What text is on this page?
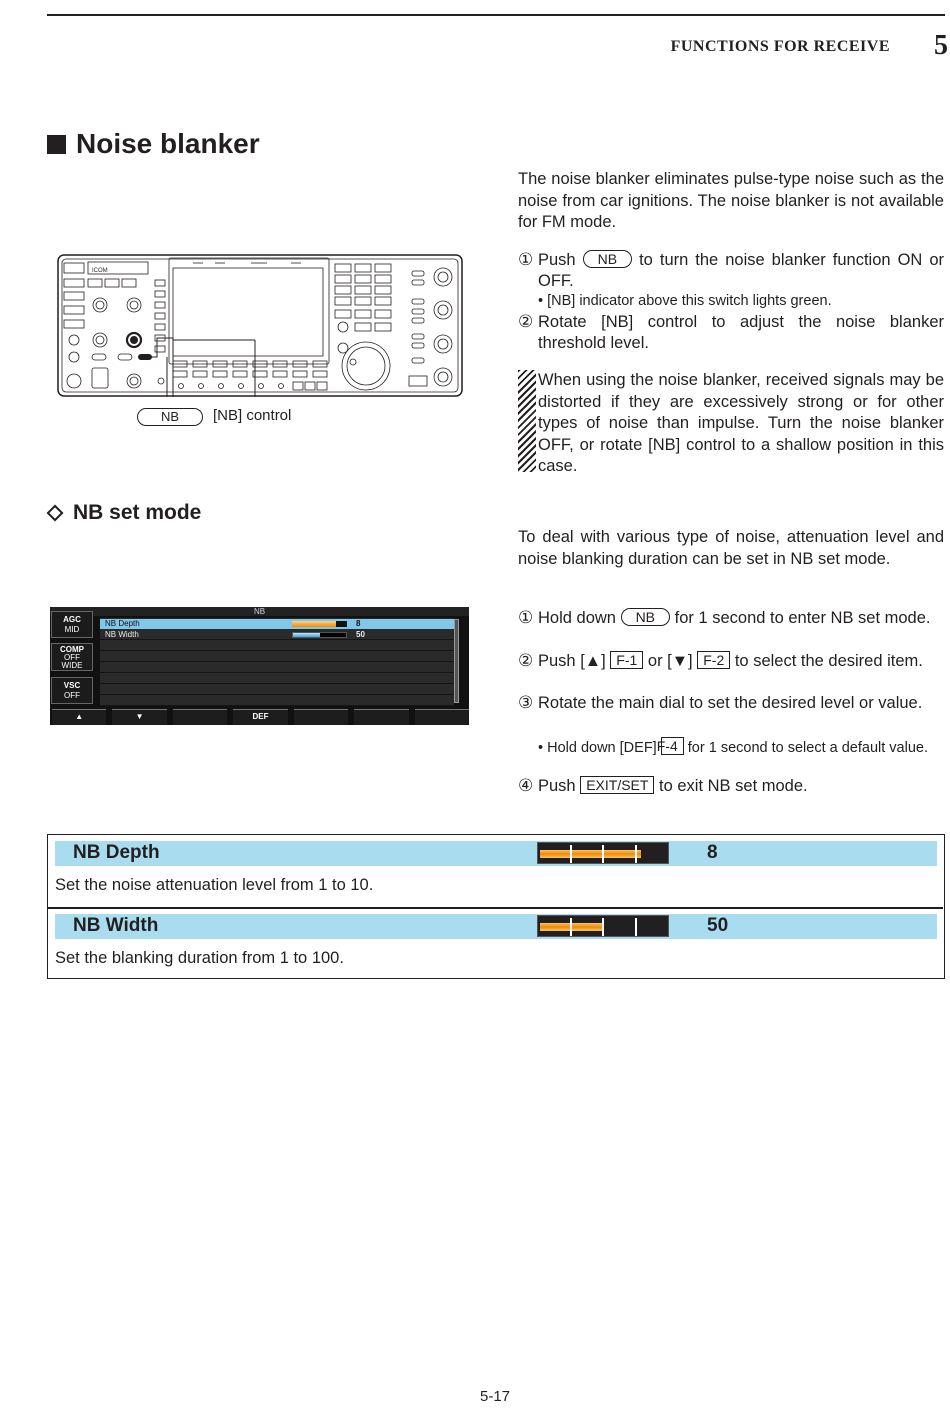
FUNCTIONS FOR RECEIVE	5
Noise blanker
The noise blanker eliminates pulse-type noise such as the noise from car ignitions. The noise blanker is not available for FM mode.
① Push NB to turn the noise blanker function ON or OFF.
• [NB] indicator above this switch lights green.
② Rotate [NB] control to adjust the noise blanker threshold level.
When using the noise blanker, received signals may be distorted if they are excessively strong or for other types of noise than impulse. Turn the noise blanker OFF, or rotate [NB] control to a shallow position in this case.
ICOM
NB	[NB] control
NB set mode
To deal with various type of noise, attenuation level and noise blanking duration can be set in NB set mode.
① Hold down NB for 1 second to enter NB set mode.
② Push [▲] F-1 or [▼] F-2 to select the desired item.
③ Rotate the main dial to set the desired level or value.
• Hold down [DEF] F-4 for 1 second to select a default value.
④ Push EXIT/SET to exit NB set mode.
NB
AGC
MID
COMP
OFF
WIDE
VSC
OFF
NB Depth	8
NB Width	50
▲	▼	DEF
NB Depth	8
Set the noise attenuation level from 1 to 10.
NB Width	50
Set the blanking duration from 1 to 100.
5-17
